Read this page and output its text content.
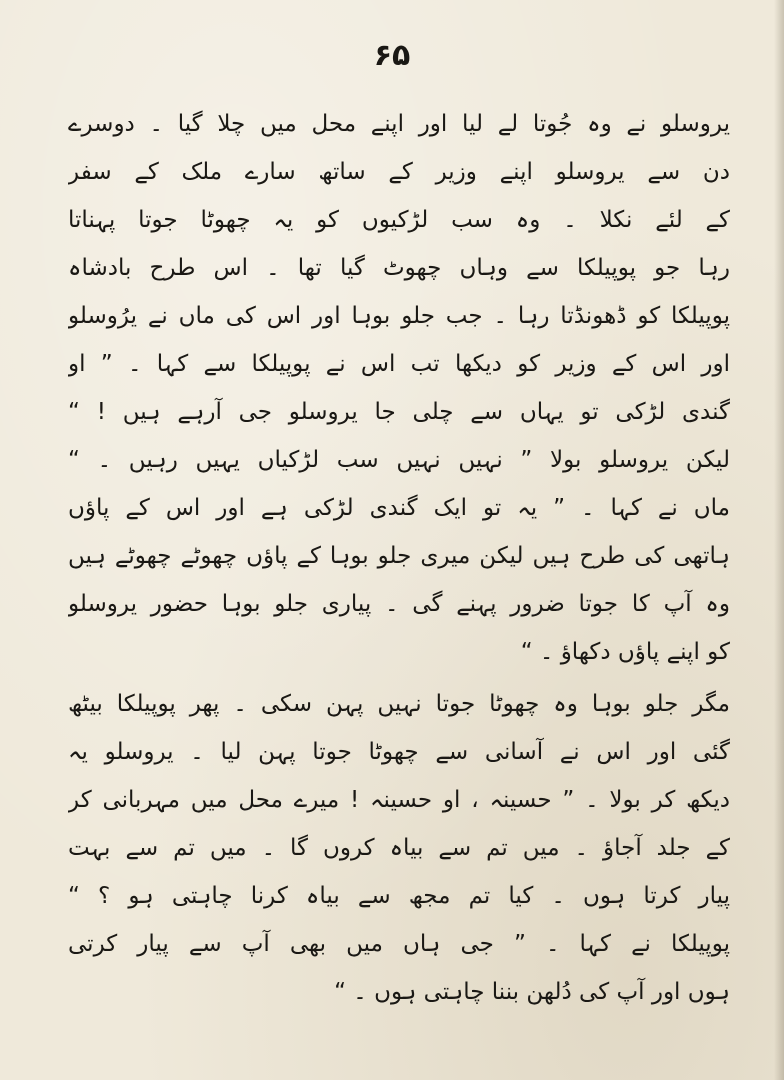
۶۵
یروسلو نے وہ جُوتا لے لیا اور اپنے محل میں چلا گیا ۔ دوسرے
دن سے یروسلو اپنے وزیر کے ساتھ سارے ملک کے سفر
کے لئے نکلا ۔ وہ سب لڑکیوں کو یہ چھوٹا جوتا پہناتا
رہا جو پوپیلکا سے وہاں چھوٹ گیا تھا ۔ اس طرح بادشاہ
پوپیلکا کو ڈھونڈتا رہا ۔ جب جلو بوہا اور اس کی ماں نے یرُوسلو
اور اس کے وزیر کو دیکھا تب اس نے پوپیلکا سے کہا ۔ ” او
گندی لڑکی تو یہاں سے چلی جا یروسلو جی آرہے ہیں ! “
لیکن یروسلو بولا ” نہیں نہیں سب لڑکیاں یہیں رہیں ۔ “
ماں نے کہا ۔ ” یہ تو ایک گندی لڑکی ہے اور اس کے پاؤں
ہاتھی کی طرح ہیں لیکن میری جلو بوہا کے پاؤں چھوٹے چھوٹے ہیں
وہ آپ کا جوتا ضرور پہنے گی ۔ پیاری جلو بوہا حضور یروسلو
کو اپنے پاؤں دکھاؤ ۔ “
مگر جلو بوہا وہ چھوٹا جوتا نہیں پہن سکی ۔ پھر پوپیلکا بیٹھ
گئی اور اس نے آسانی سے چھوٹا جوتا پہن لیا ۔ یروسلو یہ
دیکھ کر بولا ۔ ” حسینہ ، او حسینہ ! میرے محل میں مہربانی کر
کے جلد آجاؤ ۔ میں تم سے بیاہ کروں گا ۔ میں تم سے بہت
پیار کرتا ہوں ۔ کیا تم مجھ سے بیاہ کرنا چاہتی ہو ؟ “
پوپیلکا نے کہا ۔ ” جی ہاں میں بھی آپ سے پیار کرتی
ہوں اور آپ کی دُلھن بننا چاہتی ہوں ۔ “
